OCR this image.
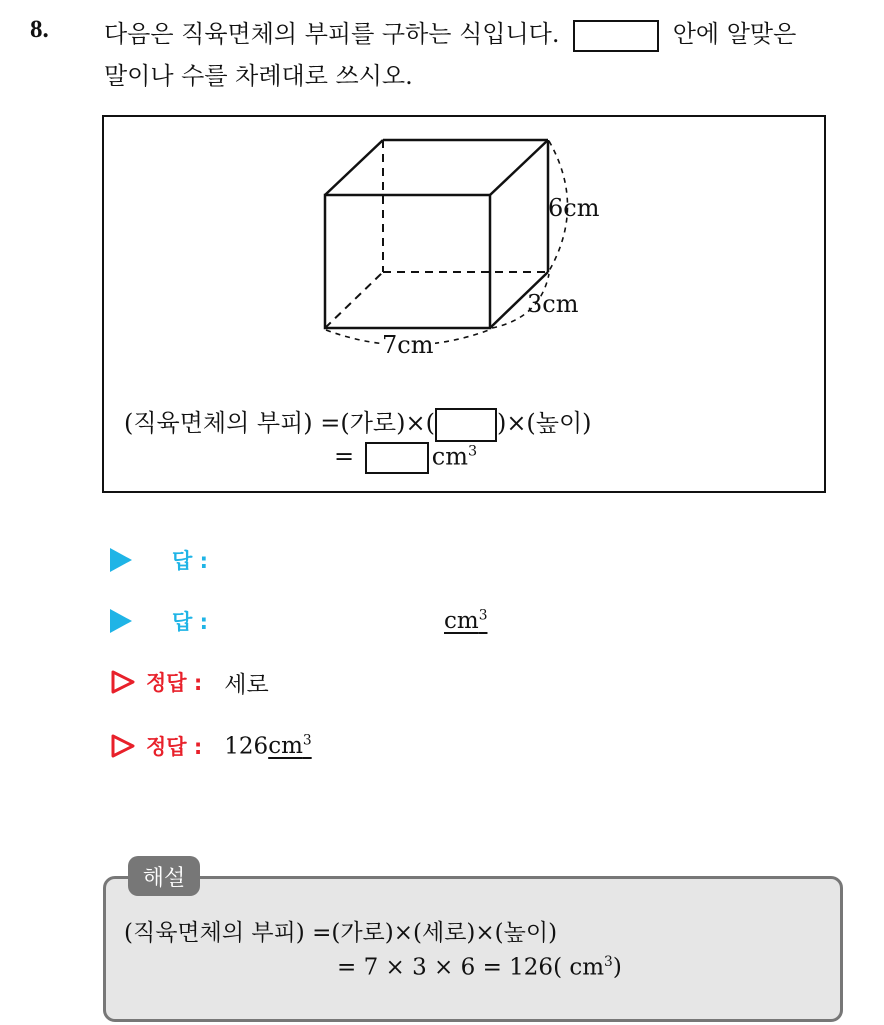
8. 다음은 직육면체의 부피를 구하는 식입니다.	안에 알맞은
말이나 수를 차례대로 쓰시오.
6cm
3cm
7cm
(직육면체의 부피) =(가로)×(	)×(높이)
=	$cm^3$
답 :
답 :	$cm^3$
정답 : 세로
정답 : $126cm^3$
해설
(직육면체의 부피) =(가로)×(세로)×(높이)
= 7 × 3 × 6 = 126( $cm^3$)
